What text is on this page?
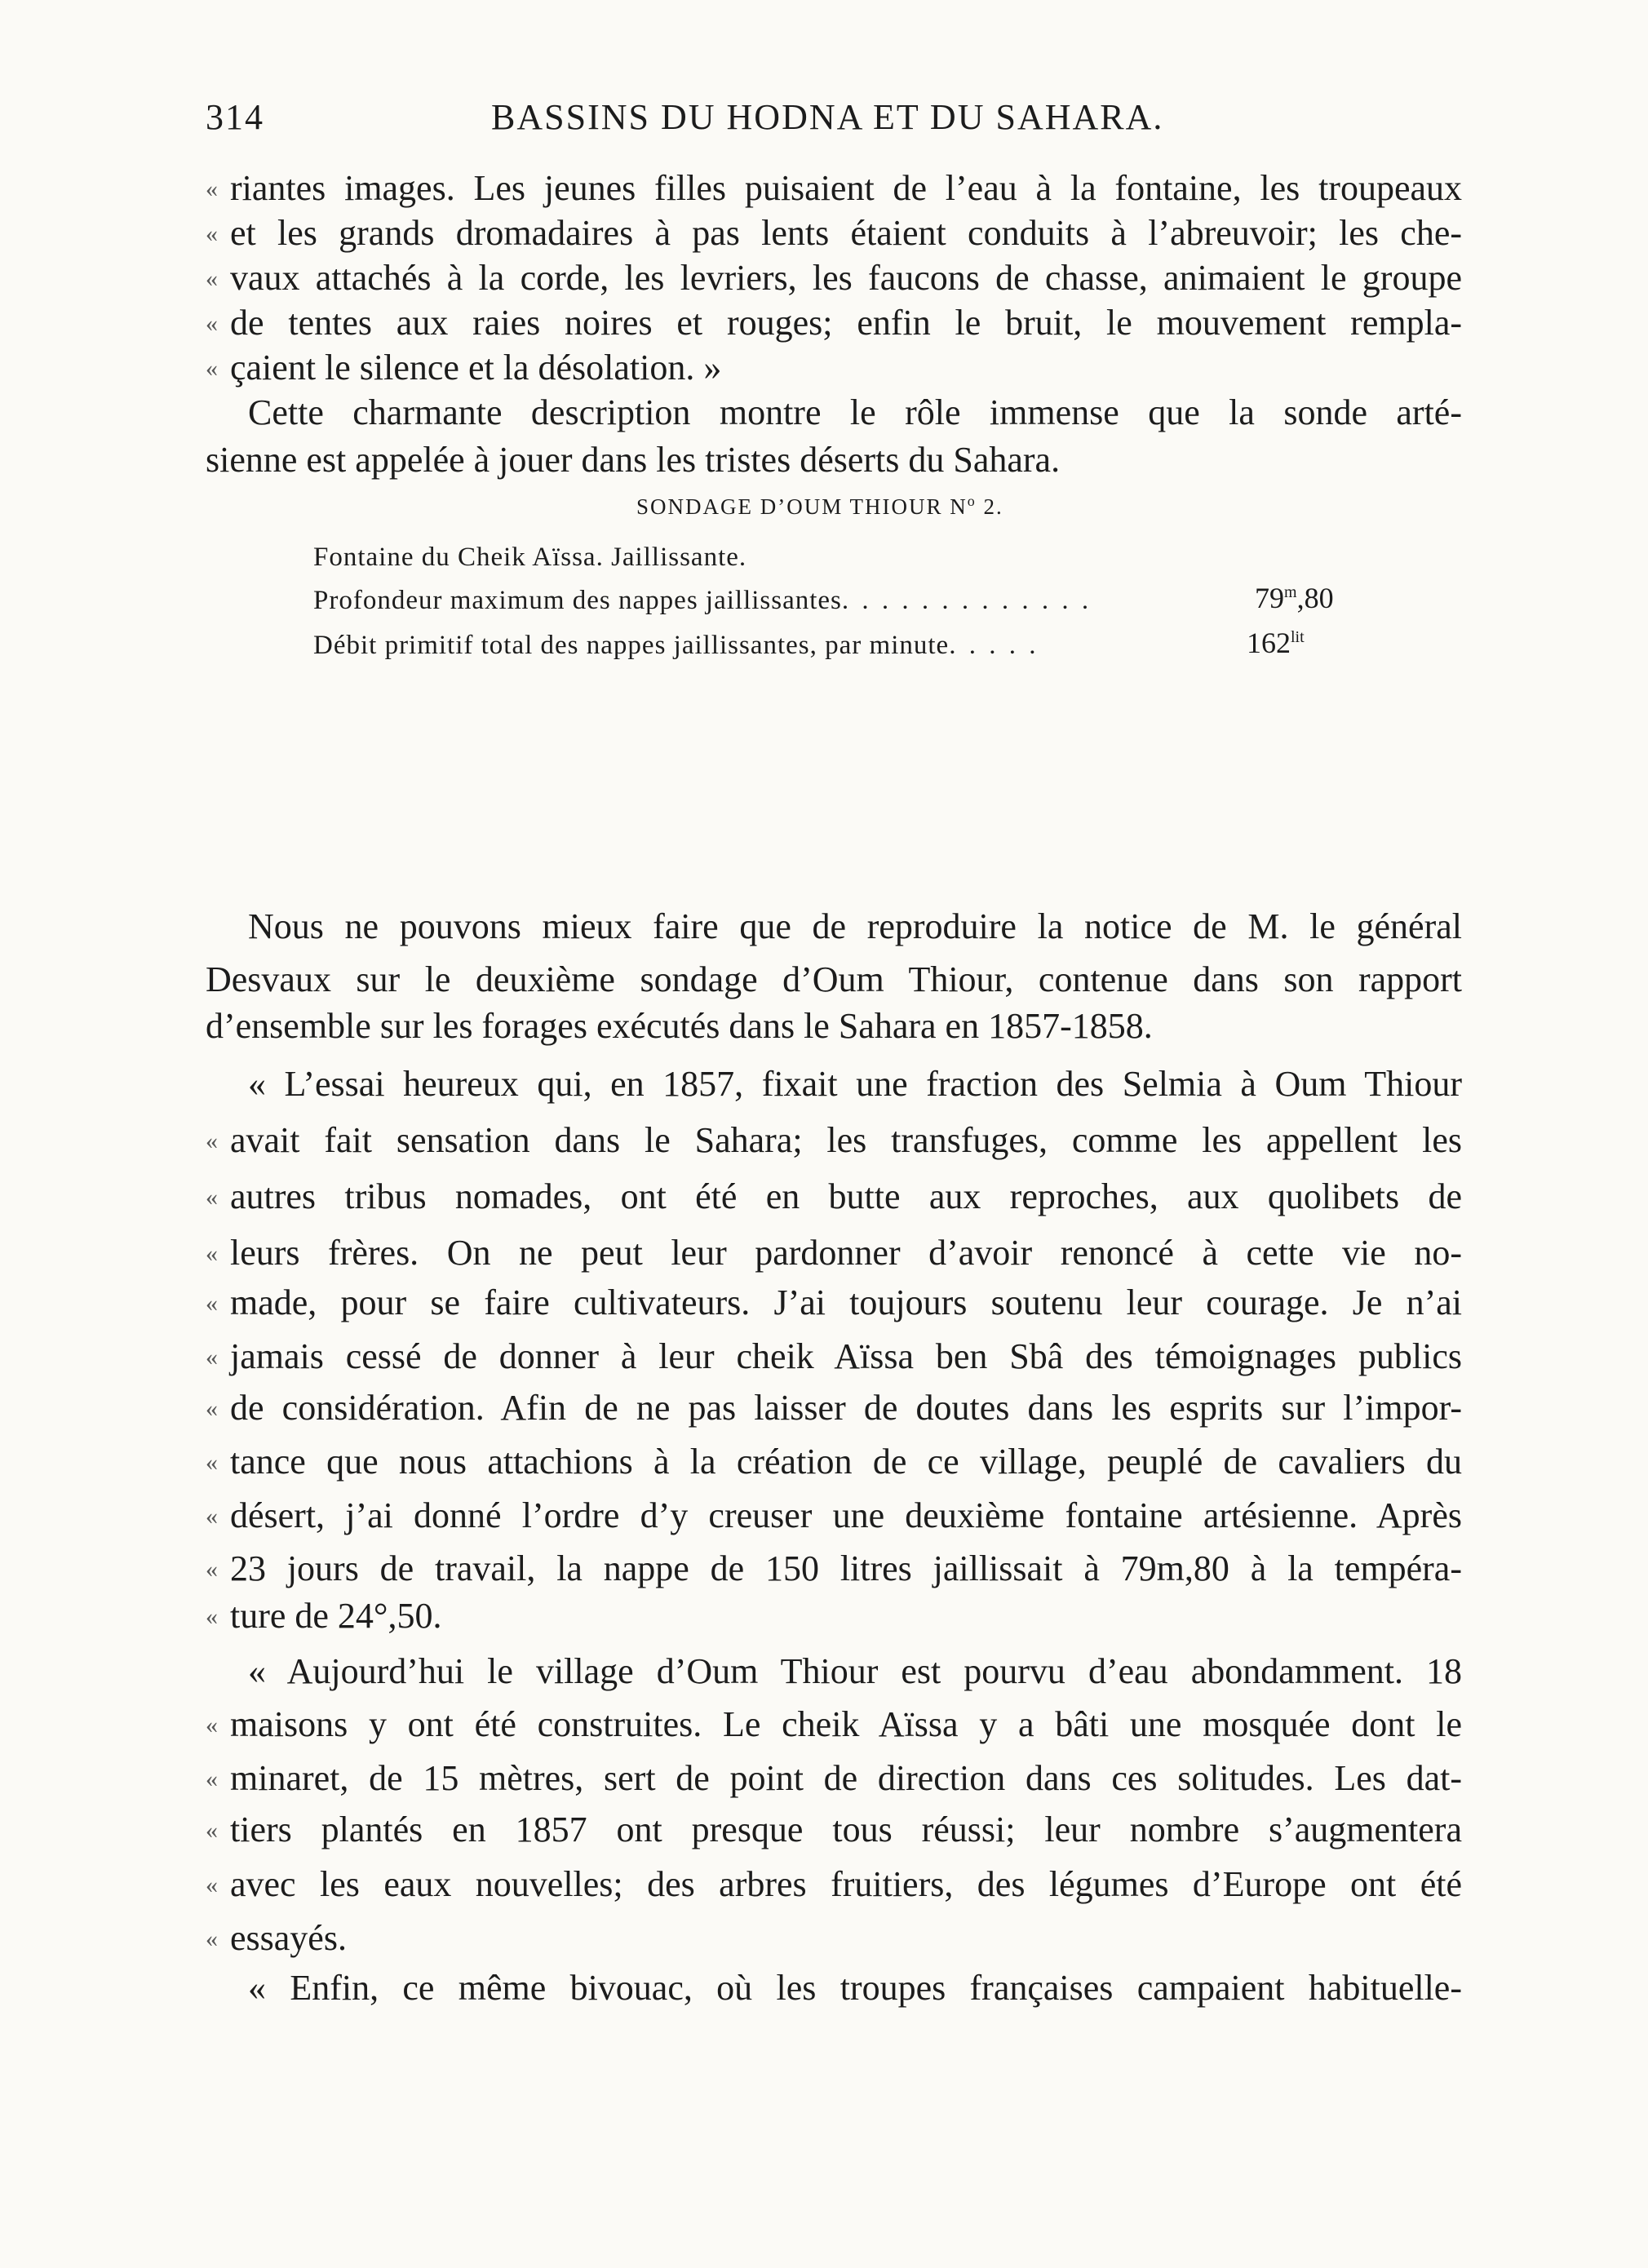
314	BASSINS DU HODNA ET DU SAHARA.
« riantes images. Les jeunes filles puisaient de l’eau à la fontaine, les troupeaux
« et les grands dromadaires à pas lents étaient conduits à l’abreuvoir; les che-
« vaux attachés à la corde, les levriers, les faucons de chasse, animaient le groupe
« de tentes aux raies noires et rouges; enfin le bruit, le mouvement rempla-
« çaient le silence et la désolation. »
Cette charmante description montre le rôle immense que la sonde arté-
sienne est appelée à jouer dans les tristes déserts du Sahara.
SONDAGE D’OUM THIOUR $N^o$ 2.
Fontaine du Cheik Aïssa. Jaillissante.
Profondeur maximum des nappes jaillissantes. . . . . . . . . . . . .	79$^m$,80
Débit primitif total des nappes jaillissantes, par minute. . . . .	$162^{lit}$
Nous ne pouvons mieux faire que de reproduire la notice de M. le général
Desvaux sur le deuxième sondage d’Oum Thiour, contenue dans son rapport
d’ensemble sur les forages exécutés dans le Sahara en 1857-1858.
« L’essai heureux qui, en 1857, fixait une fraction des Selmia à Oum Thiour
« avait fait sensation dans le Sahara; les transfuges, comme les appellent les
« autres tribus nomades, ont été en butte aux reproches, aux quolibets de
« leurs frères. On ne peut leur pardonner d’avoir renoncé à cette vie no-
« made, pour se faire cultivateurs. J’ai toujours soutenu leur courage. Je n’ai
« jamais cessé de donner à leur cheik Aïssa ben Sbâ des témoignages publics
« de considération. Afin de ne pas laisser de doutes dans les esprits sur l’impor-
« tance que nous attachions à la création de ce village, peuplé de cavaliers du
« désert, j’ai donné l’ordre d’y creuser une deuxième fontaine artésienne. Après
« 23 jours de travail, la nappe de 150 litres jaillissait à 79m,80 à la tempéra-
« ture de 24°,50.
« Aujourd’hui le village d’Oum Thiour est pourvu d’eau abondamment. 18
« maisons y ont été construites. Le cheik Aïssa y a bâti une mosquée dont le
« minaret, de 15 mètres, sert de point de direction dans ces solitudes. Les dat-
« tiers plantés en 1857 ont presque tous réussi; leur nombre s’augmentera
« avec les eaux nouvelles; des arbres fruitiers, des légumes d’Europe ont été
« essayés.
« Enfin, ce même bivouac, où les troupes françaises campaient habituelle-
